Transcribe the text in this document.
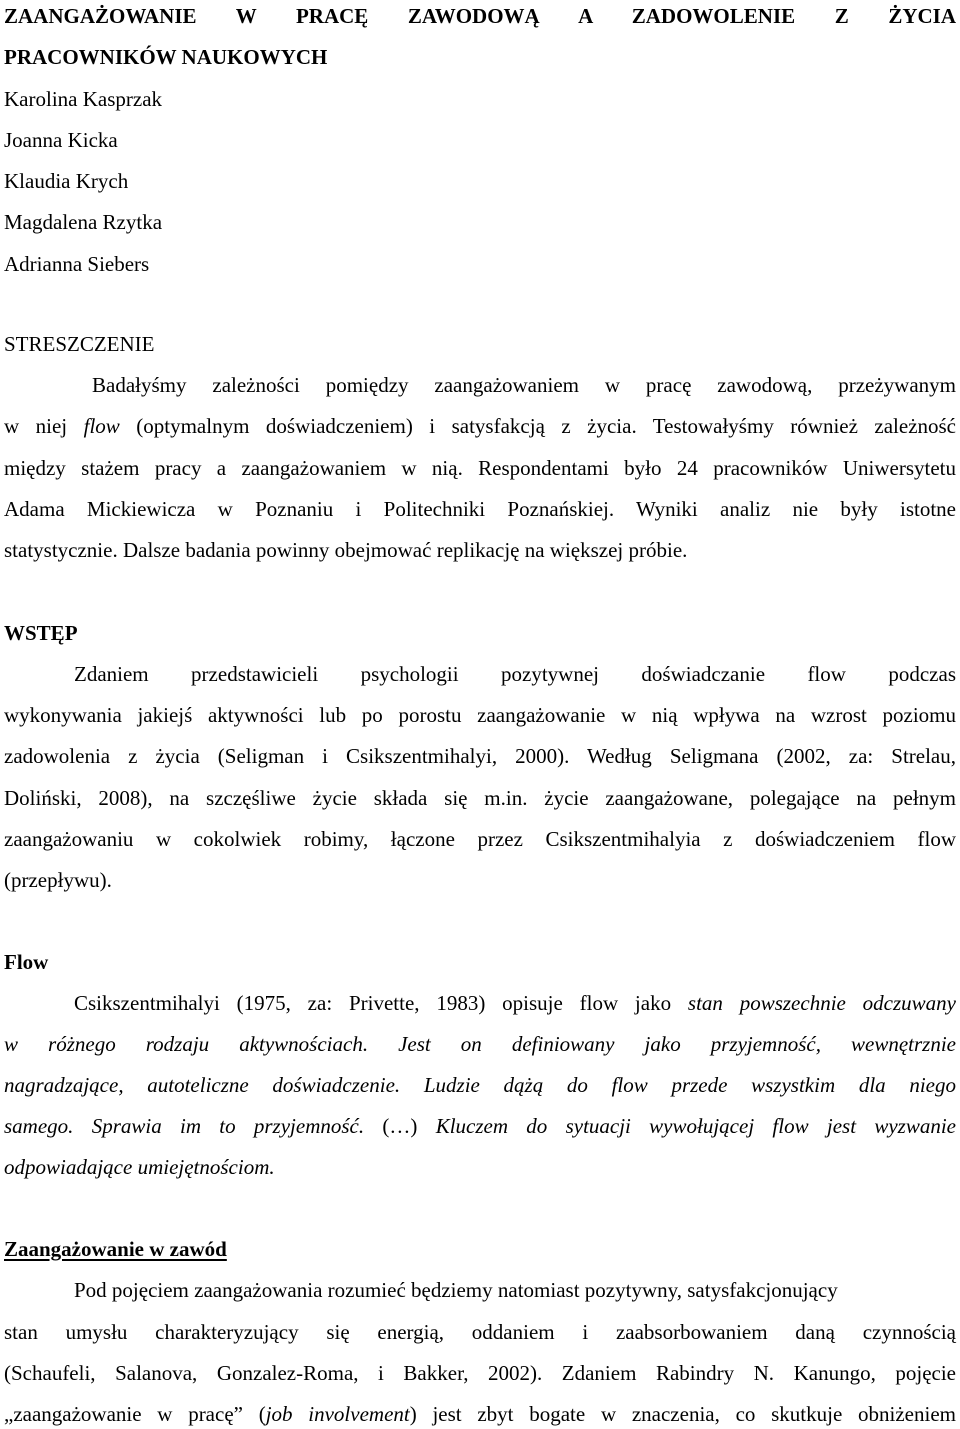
ZAANGAŻOWANIE W PRACĘ ZAWODOWĄ A ZADOWOLENIE Z ŻYCIA
PRACOWNIKÓW NAUKOWYCH
Karolina Kasprzak
Joanna Kicka
Klaudia Krych
Magdalena Rzytka
Adrianna Siebers
STRESZCZENIE
Badałyśmy zależności pomiędzy zaangażowaniem w pracę zawodową, przeżywanym
w niej flow (optymalnym doświadczeniem) i satysfakcją z życia. Testowałyśmy również zależność
między stażem pracy a zaangażowaniem w nią. Respondentami było 24 pracowników Uniwersytetu
Adama Mickiewicza w Poznaniu i Politechniki Poznańskiej. Wyniki analiz nie były istotne
statystycznie. Dalsze badania powinny obejmować replikację na większej próbie.
WSTĘP
Zdaniem przedstawicieli psychologii pozytywnej doświadczanie flow podczas
wykonywania jakiejś aktywności lub po porostu zaangażowanie w nią wpływa na wzrost poziomu
zadowolenia z życia (Seligman i Csikszentmihalyi, 2000). Według Seligmana (2002, za: Strelau,
Doliński, 2008), na szczęśliwe życie składa się m.in. życie zaangażowane, polegające na pełnym
zaangażowaniu w cokolwiek robimy, łączone przez Csikszentmihalyia z doświadczeniem flow
(przepływu).
Flow
Csikszentmihalyi (1975, za: Privette, 1983) opisuje flow jako stan powszechnie odczuwany
w różnego rodzaju aktywnościach. Jest on definiowany jako przyjemność, wewnętrznie
nagradzające, autoteliczne doświadczenie. Ludzie dążą do flow przede wszystkim dla niego
samego. Sprawia im to przyjemność. (…) Kluczem do sytuacji wywołującej flow jest wyzwanie
odpowiadające umiejętnościom.
Zaangażowanie w zawód
Pod pojęciem zaangażowania rozumieć będziemy natomiast pozytywny, satysfakcjonujący
stan umysłu charakteryzujący się energią, oddaniem i zaabsorbowaniem daną czynnością
(Schaufeli, Salanova, Gonzalez-Roma, i Bakker, 2002). Zdaniem Rabindry N. Kanungo, pojęcie
„zaangażowanie w pracę” (job involvement) jest zbyt bogate w znaczenia, co skutkuje obniżeniem
